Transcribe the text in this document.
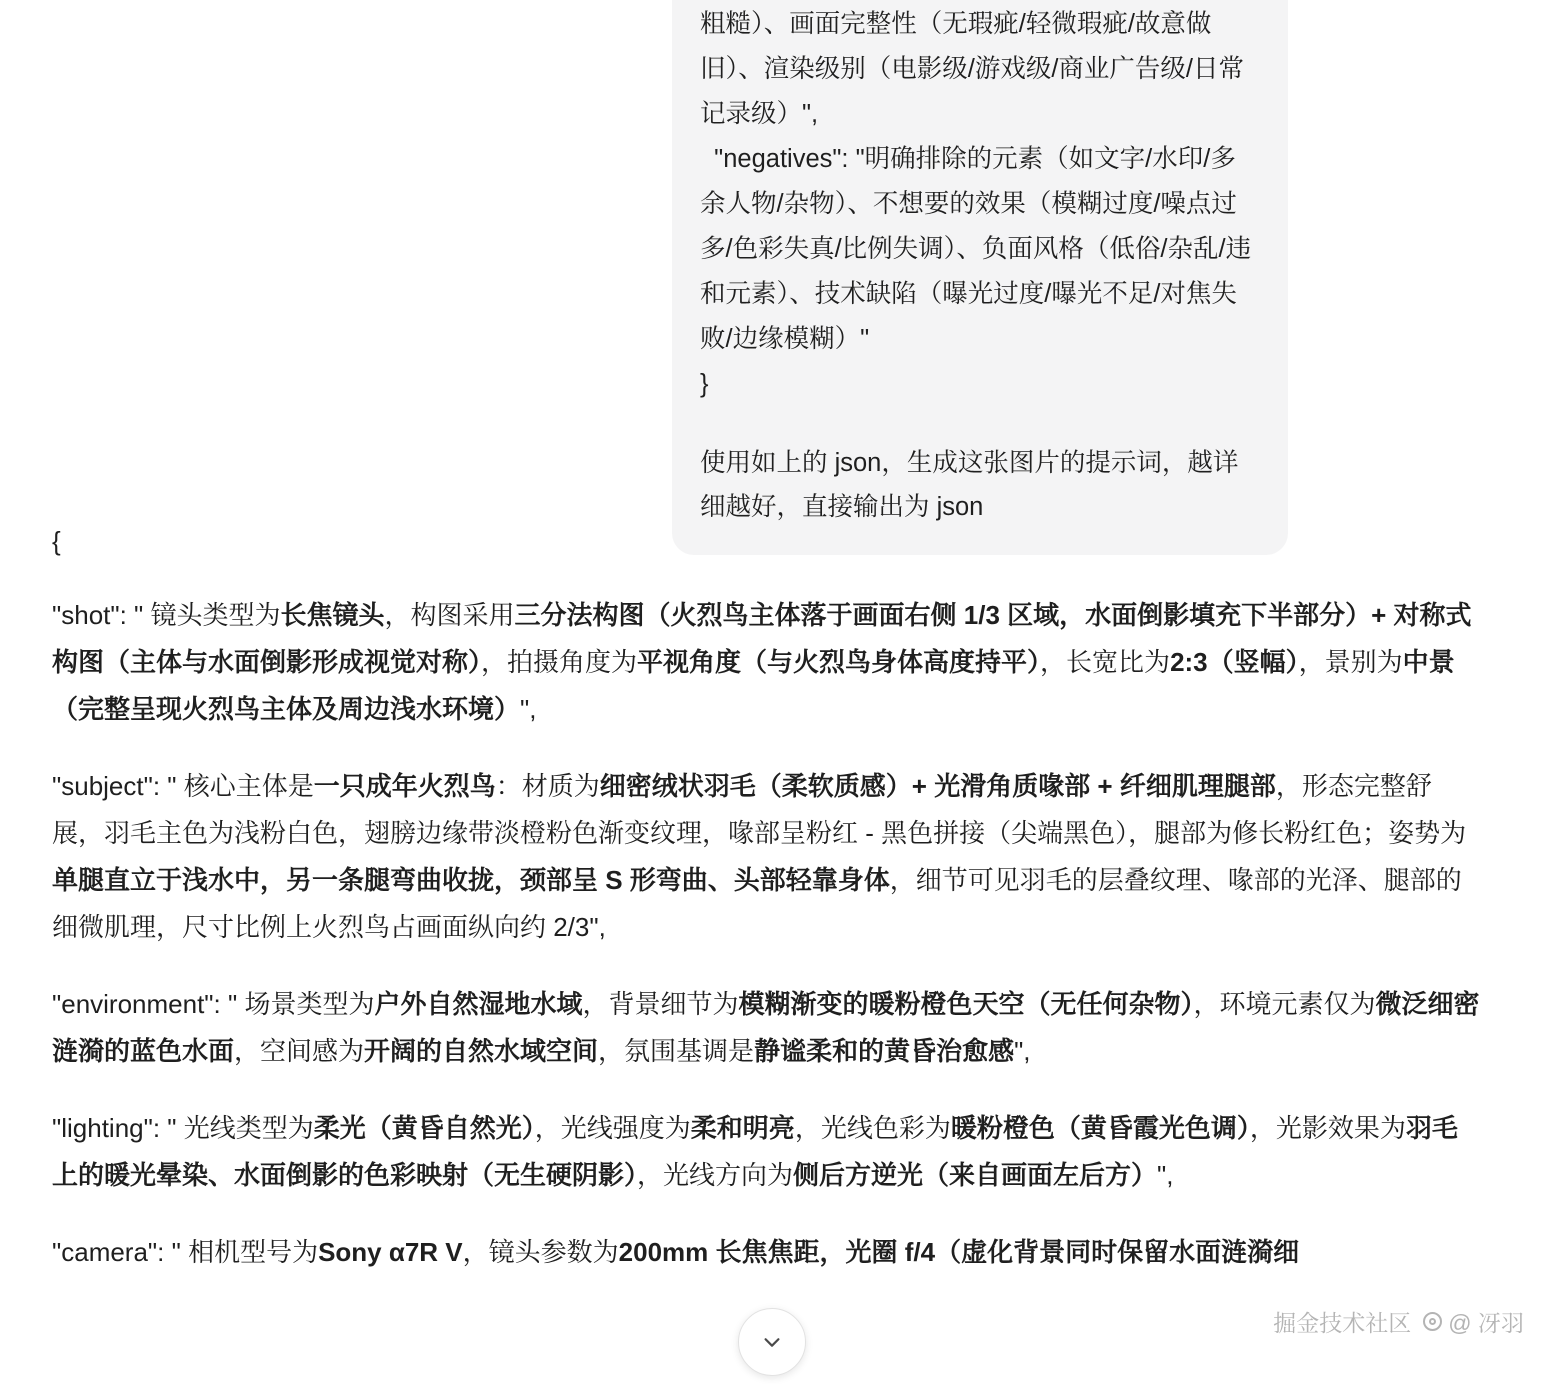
粗糙）、画面完整性（无瑕疵/轻微瑕疵/故意做旧）、渲染级别（电影级/游戏级/商业广告级/日常记录级）",
"negatives": "明确排除的元素（如文字/水印/多余人物/杂物）、不想要的效果（模糊过度/噪点过多/色彩失真/比例失调）、负面风格（低俗/杂乱/违和元素）、技术缺陷（曝光过度/曝光不足/对焦失败/边缘模糊）"
}
使用如上的 json，生成这张图片的提示词，越详细越好，直接输出为 json
{
"shot": " 镜头类型为长焦镜头，构图采用三分法构图（火烈鸟主体落于画面右侧 1/3 区域，水面倒影填充下半部分）+ 对称式构图（主体与水面倒影形成视觉对称），拍摄角度为平视角度（与火烈鸟身体高度持平），长宽比为2:3（竖幅），景别为中景（完整呈现火烈鸟主体及周边浅水环境）",
"subject": " 核心主体是一只成年火烈鸟：材质为细密绒状羽毛（柔软质感）+ 光滑角质喙部 + 纤细肌理腿部，形态完整舒展，羽毛主色为浅粉白色，翅膀边缘带淡橙粉色渐变纹理，喙部呈粉红 - 黑色拼接（尖端黑色），腿部为修长粉红色；姿势为单腿直立于浅水中，另一条腿弯曲收拢，颈部呈 S 形弯曲、头部轻靠身体，细节可见羽毛的层叠纹理、喙部的光泽、腿部的细微肌理，尺寸比例上火烈鸟占画面纵向约 2/3",
"environment": " 场景类型为户外自然湿地水域，背景细节为模糊渐变的暖粉橙色天空（无任何杂物），环境元素仅为微泛细密涟漪的蓝色水面，空间感为开阔的自然水域空间，氛围基调是静谧柔和的黄昏治愈感",
"lighting": " 光线类型为柔光（黄昏自然光），光线强度为柔和明亮，光线色彩为暖粉橙色（黄昏霞光色调），光影效果为羽毛上的暖光晕染、水面倒影的色彩映射（无生硬阴影），光线方向为侧后方逆光（来自画面左后方）",
"camera": " 相机型号为Sony α7R V，镜头参数为200mm 长焦焦距，光圈 f/4（虚化背景同时保留水面涟漪细
掘金技术社区 @ 冴羽
